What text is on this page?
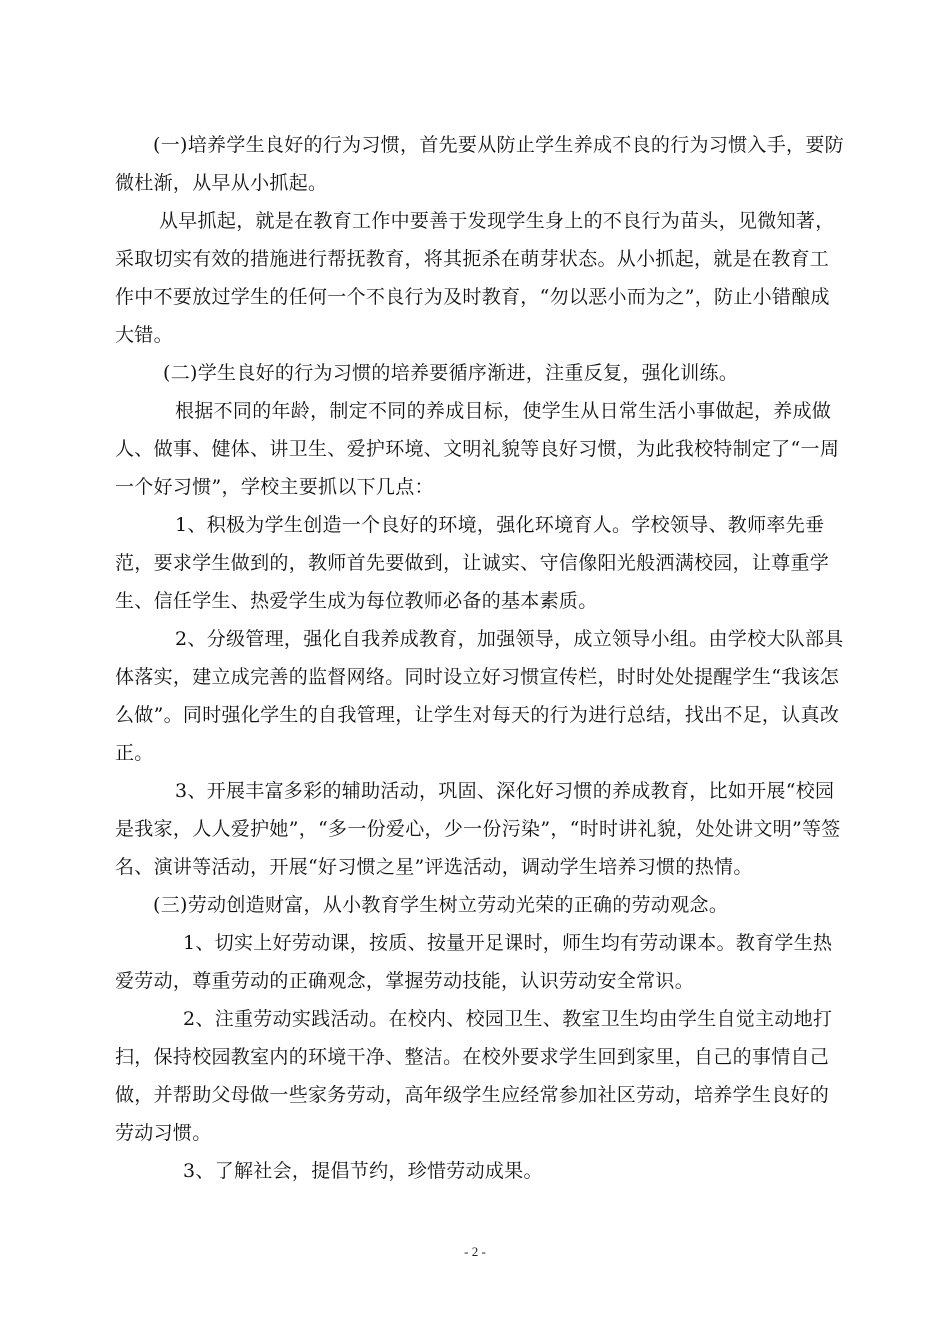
(一)培养学生良好的行为习惯，首先要从防止学生养成不良的行为习惯入手，要防微杜渐，从早从小抓起。

从早抓起，就是在教育工作中要善于发现学生身上的不良行为苗头，见微知著，采取切实有效的措施进行帮抚教育，将其扼杀在萌芽状态。从小抓起，就是在教育工作中不要放过学生的任何一个不良行为及时教育，“勿以恶小而为之”，防止小错酿成大错。

(二)学生良好的行为习惯的培养要循序渐进，注重反复，强化训练。

根据不同的年龄，制定不同的养成目标，使学生从日常生活小事做起，养成做人、做事、健体、讲卫生、爱护环境、文明礼貌等良好习惯，为此我校特制定了“一周一个好习惯”，学校主要抓以下几点：

1、积极为学生创造一个良好的环境，强化环境育人。学校领导、教师率先垂范，要求学生做到的，教师首先要做到，让诚实、守信像阳光般洒满校园，让尊重学生、信任学生、热爱学生成为每位教师必备的基本素质。

2、分级管理，强化自我养成教育，加强领导，成立领导小组。由学校大队部具体落实，建立成完善的监督网络。同时设立好习惯宣传栏，时时处处提醒学生“我该怎么做”。同时强化学生的自我管理，让学生对每天的行为进行总结，找出不足，认真改正。

3、开展丰富多彩的辅助活动，巩固、深化好习惯的养成教育，比如开展“校园是我家，人人爱护她”，“多一份爱心，少一份污染”，“时时讲礼貌，处处讲文明”等签名、演讲等活动，开展“好习惯之星”评选活动，调动学生培养习惯的热情。

(三)劳动创造财富，从小教育学生树立劳动光荣的正确的劳动观念。

1、切实上好劳动课，按质、按量开足课时，师生均有劳动课本。教育学生热爱劳动，尊重劳动的正确观念，掌握劳动技能，认识劳动安全常识。

2、注重劳动实践活动。在校内、校园卫生、教室卫生均由学生自觉主动地打扫，保持校园教室内的环境干净、整洁。在校外要求学生回到家里，自己的事情自己做，并帮助父母做一些家务劳动，高年级学生应经常参加社区劳动，培养学生良好的劳动习惯。

3、了解社会，提倡节约，珍惜劳动成果。

- 2 -
